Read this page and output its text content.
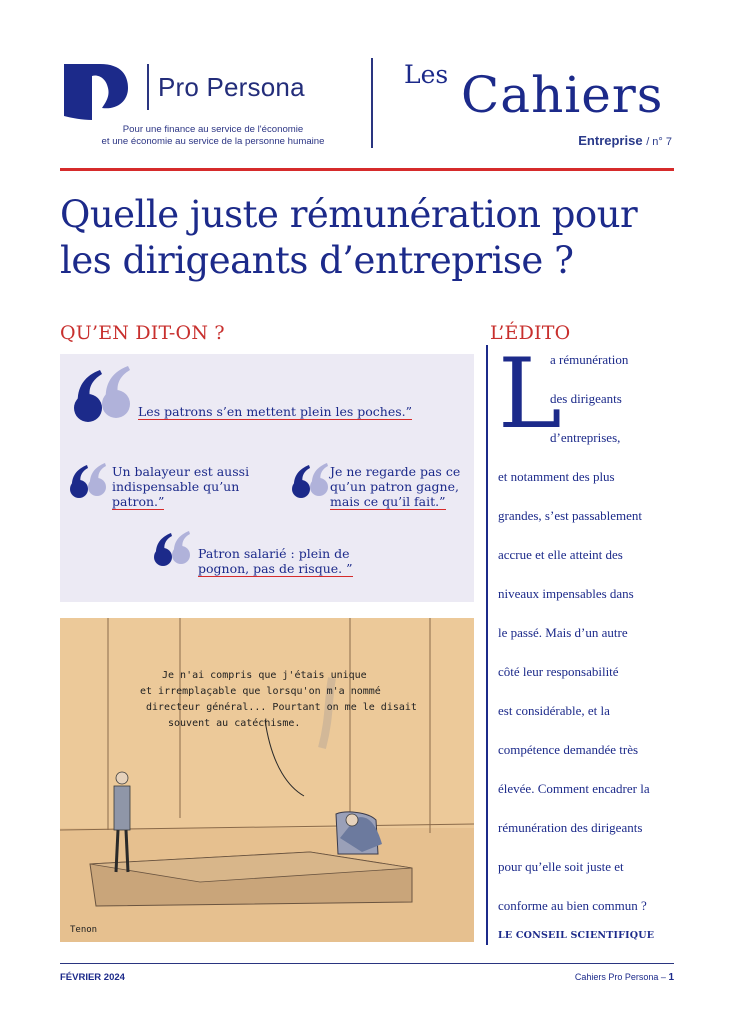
Pro Persona
Pour une finance au service de l'économie
et une économie au service de la personne humaine
Les Cahiers
Entreprise / n° 7
Quelle juste rémunération pour
les dirigeants d’entreprise ?
QU’EN DIT-ON ?
Les patrons s’en mettent plein les poches.”
Un balayeur est aussi
indispensable qu’un
patron.”
Je ne regarde pas ce
qu’un patron gagne,
mais ce qu’il fait.”
Patron salarié : plein de
pognon, pas de risque. ”
Je n'ai compris que j'étais unique
et irremplaçable que lorsqu'on m'a nommé
directeur général... Pourtant on me le disait
souvent au catéchisme.
Tenon
L’ÉDITO
L
a rémunération
des dirigeants
d’entreprises,
et notamment des plus
grandes, s’est passablement
accrue et elle atteint des
niveaux impensables dans
le passé. Mais d’un autre
côté leur responsabilité
est considérable, et la
compétence demandée très
élevée. Comment encadrer la
rémunération des dirigeants
pour qu’elle soit juste et
conforme au bien commun ?
LE CONSEIL SCIENTIFIQUE
FÉVRIER 2024	Cahiers Pro Persona – 1
